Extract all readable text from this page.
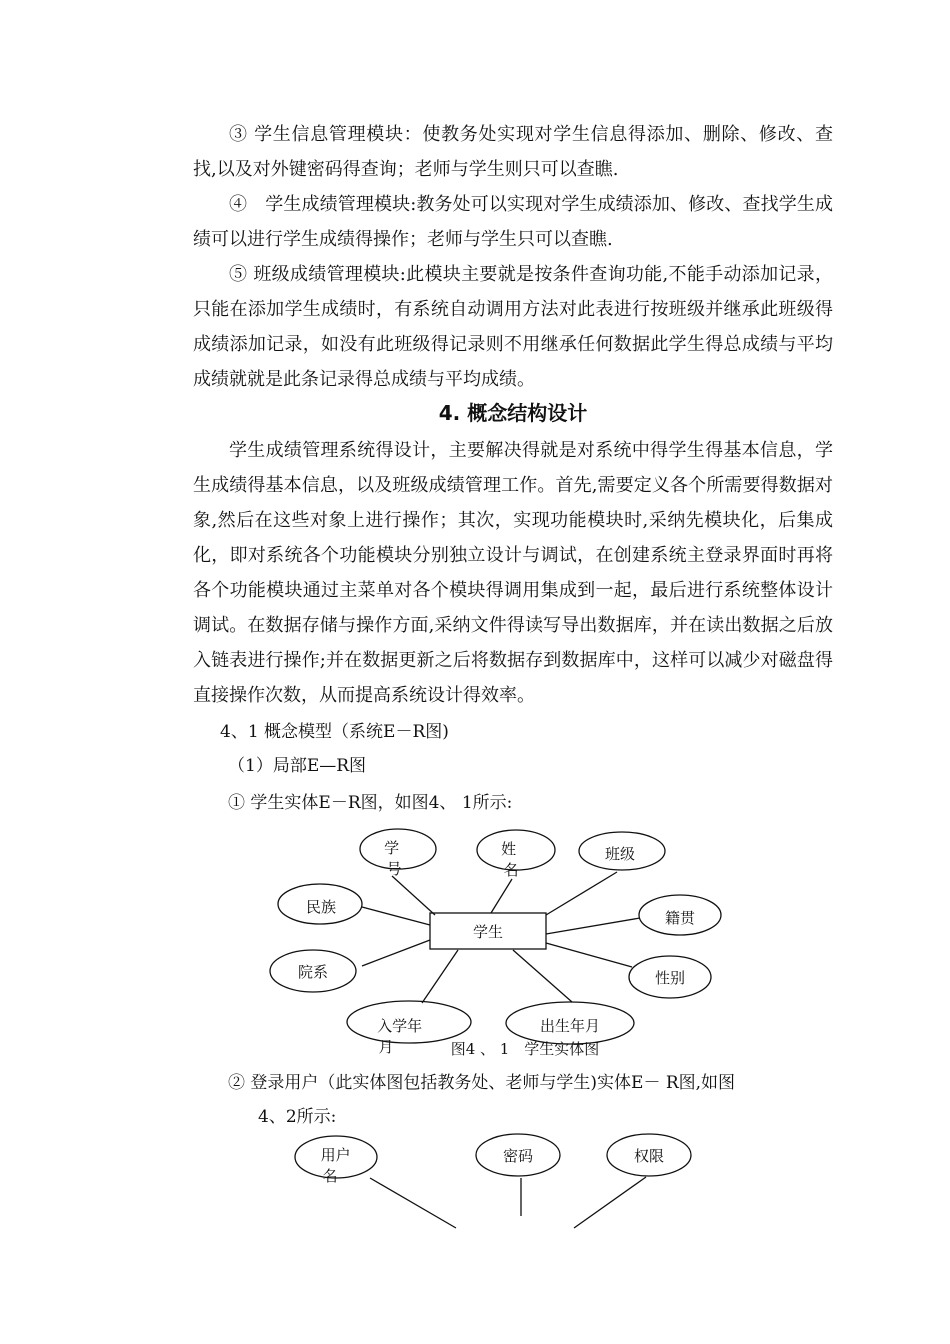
③ 学生信息管理模块：使教务处实现对学生信息得添加、删除、修改、查找,以及对外键密码得查询；老师与学生则只可以查瞧.

④　学生成绩管理模块:教务处可以实现对学生成绩添加、修改、查找学生成绩可以进行学生成绩得操作；老师与学生只可以查瞧.

⑤ 班级成绩管理模块:此模块主要就是按条件查询功能,不能手动添加记录，只能在添加学生成绩时，有系统自动调用方法对此表进行按班级并继承此班级得成绩添加记录，如没有此班级得记录则不用继承任何数据此学生得总成绩与平均成绩就就是此条记录得总成绩与平均成绩。

4. 概念结构设计

学生成绩管理系统得设计，主要解决得就是对系统中得学生得基本信息，学生成绩得基本信息，以及班级成绩管理工作。首先,需要定义各个所需要得数据对象,然后在这些对象上进行操作；其次，实现功能模块时,采纳先模块化，后集成化，即对系统各个功能模块分别独立设计与调试，在创建系统主登录界面时再将各个功能模块通过主菜单对各个模块得调用集成到一起，最后进行系统整体设计调试。在数据存储与操作方面,采纳文件得读写导出数据库，并在读出数据之后放入链表进行操作;并在数据更新之后将数据存到数据库中，这样可以减少对磁盘得直接操作次数，从而提高系统设计得效率。

4、1 概念模型（系统E－R图)
（1）局部E—R图
① 学生实体E－R图，如图4、 1所示:
学生
学 号
姓 名
班级
民族
籍贯
院系	性别
入学年 月
出生年月
图4 、 1　学生实体图
② 登录用户（此实体图包括教务处、老师与学生)实体E－ R图,如图
4、2所示:
用户 名
密码	权限
